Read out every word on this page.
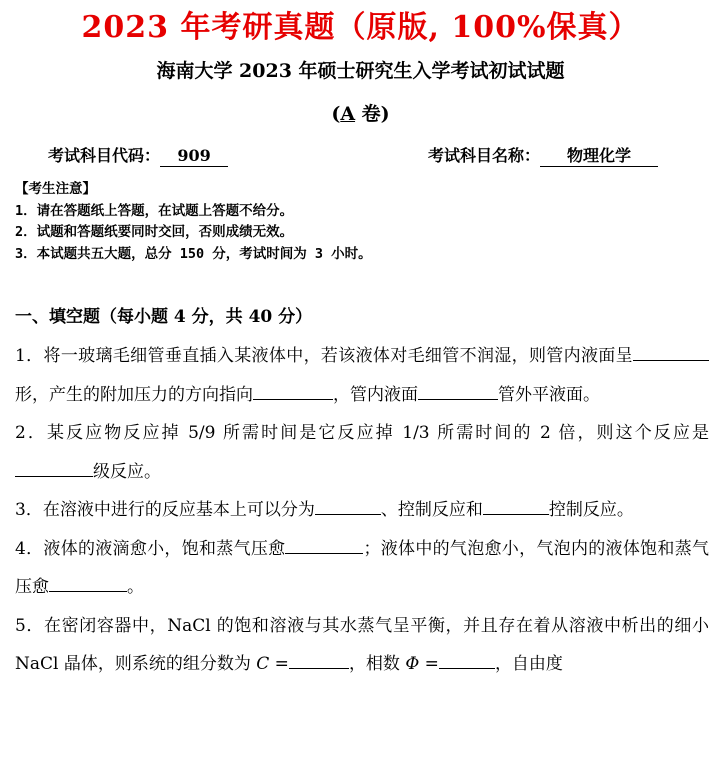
2023 年考研真题（原版, 100%保真）
海南大学 2023 年硕士研究生入学考试初试试题
(A 卷)
考试科目代码： 909	考试科目名称： 物理化学
【考生注意】
1．请在答题纸上答题，在试题上答题不给分。
2．试题和答题纸要同时交回，否则成绩无效。
3．本试题共五大题，总分 150 分，考试时间为 3 小时。
一、填空题（每小题 4 分，共 40 分）

1．将一玻璃毛细管垂直插入某液体中，若该液体对毛细管不润湿，则管内液面呈形，产生的附加压力的方向指向	，管内液面	管外平液面。

2．某反应物反应掉 5/9 所需时间是它反应掉 1/3 所需时间的 2 倍，则这个反应是级反应。

3．在溶液中进行的反应基本上可以分为	、控制反应和	控制反应。

4．液体的液滴愈小，饱和蒸气压愈	；液体中的气泡愈小，气泡内的液体饱和蒸气压愈	。

5．在密闭容器中，NaCl 的饱和溶液与其水蒸气呈平衡，并且存在着从溶液中析出的细小 NaCl 晶体，则系统的组分数为 C =	，相数 Φ =	，自由度
